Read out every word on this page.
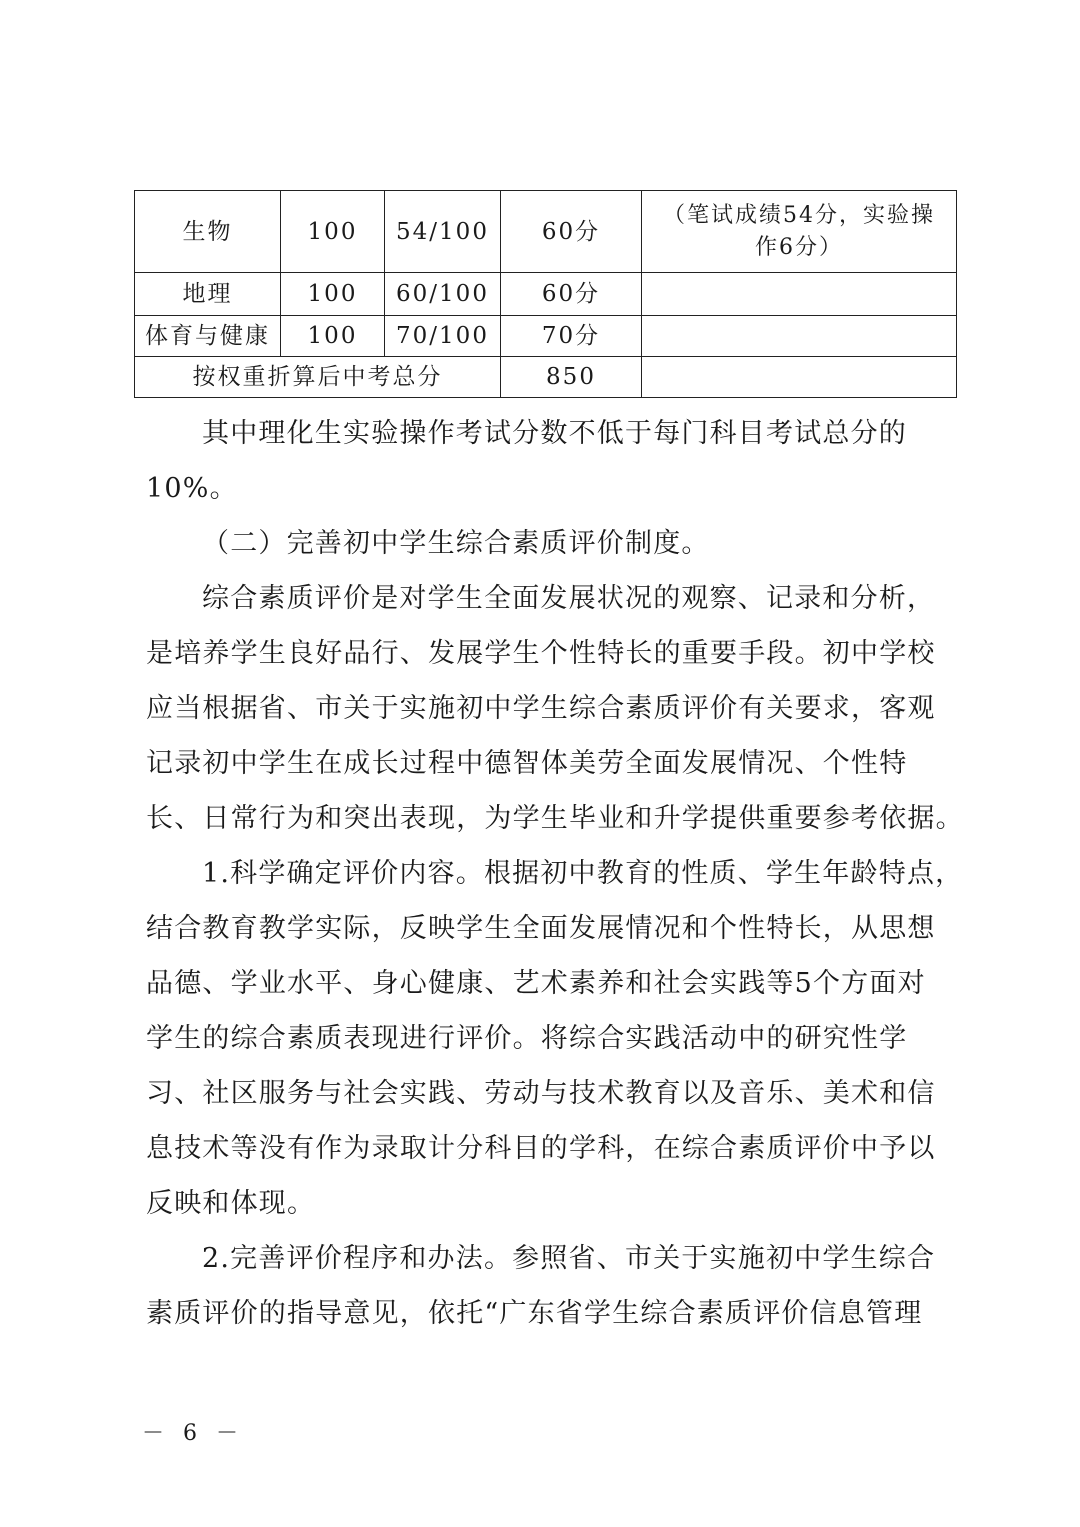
生物	100	54/100	60分	（笔试成绩54分，实验操
作6分）

地理	100	60/100	60分	
体育与健康	100	70/100	70分	
按权重折算后中考总分			850	

其中理化生实验操作考试分数不低于每门科目考试总分的
10%。

（二）完善初中学生综合素质评价制度。

综合素质评价是对学生全面发展状况的观察、记录和分析，
是培养学生良好品行、发展学生个性特长的重要手段。初中学校
应当根据省、市关于实施初中学生综合素质评价有关要求，客观
记录初中学生在成长过程中德智体美劳全面发展情况、个性特
长、日常行为和突出表现，为学生毕业和升学提供重要参考依据。

1.科学确定评价内容。根据初中教育的性质、学生年龄特点，
结合教育教学实际，反映学生全面发展情况和个性特长，从思想
品德、学业水平、身心健康、艺术素养和社会实践等5个方面对
学生的综合素质表现进行评价。将综合实践活动中的研究性学
习、社区服务与社会实践、劳动与技术教育以及音乐、美术和信
息技术等没有作为录取计分科目的学科，在综合素质评价中予以
反映和体现。

2.完善评价程序和办法。参照省、市关于实施初中学生综合
素质评价的指导意见，依托“广东省学生综合素质评价信息管理

－ 6 －
